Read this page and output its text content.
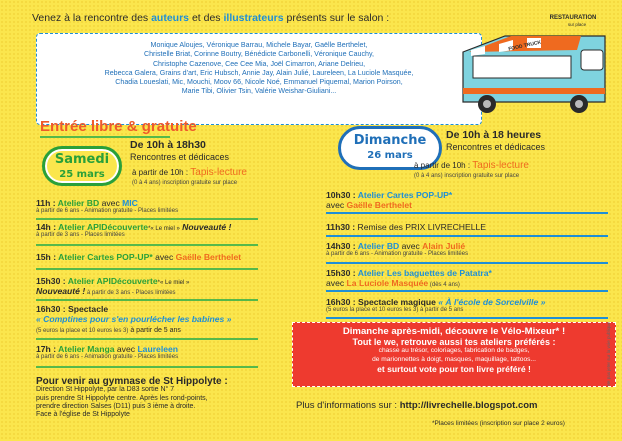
Venez à la rencontre des auteurs et des illustrateurs présents sur le salon :
Monique Aloujes, Véronique Barrau, Michele Bayar, Gaëlle Berthelet,
Christelle Briat, Corinne Boutry, Bénédicte Carbonelli, Véronique Cauchy,
Christophe Cazenove, Cee Cee Mia, Joël Cimarron, Ariane Delrieu,
Rebecca Galera, Grains d'art, Eric Hubsch, Annie Jay, Alain Julié, Laureleen, La Luciole Masquée,
Chadia Loueslati, Mic, Mouchi, Moov 66, Nicole Noé, Emmanuel Piquemal, Marion Poirson,
Marie Tibi, Olivier Tsin, Valérie Weishar-Giuliani...
RESTAURATION
sur place
FOOD TRUCK
Entrée libre & gratuite
Samedi
25 mars
De 10h à 18h30
Rencontres et dédicaces
à partir de 10h : Tapis-lecture
(0 à 4 ans) inscription gratuite sur place
11h : Atelier BD avec MIC
à partir de 6 ans - Animation gratuite - Places limitées
14h : Atelier APIDécouverte*« Le miel » Nouveauté !
à partir de 3 ans - Places limitées
15h : Atelier Cartes POP-UP* avec Gaëlle Berthelet
15h30 : Atelier APIDécouverte*« Le miel »
Nouveauté ! à partir de 3 ans - Places limitées
16h30 : Spectacle
« Comptines pour s'en pourlécher les babines »
(5 euros la place et 10 euros les 3) à partir de 5 ans
17h : Atelier Manga avec Laureleen
à partir de 6 ans - Animation gratuite - Places limitées
Pour venir au gymnase de St Hippolyte :
Direction St Hippolyte, par la D83 sortie N° 7
puis prendre St Hippolyte centre. Après les rond-points,
prendre direction Salses (D11) puis 3 ième à droite.
Face à l'église de St Hippolyte
Dimanche
26 mars
De 10h à 18 heures
Rencontres et dédicaces
à partir de 10h : Tapis-lecture
(0 à 4 ans) inscription gratuite sur place
10h30 : Atelier Cartes POP-UP*
avec Gaëlle Berthelet
11h30 : Remise des PRIX LIVRECHELLE
14h30 : Atelier BD avec Alain Julié
à partir de 6 ans - Animation gratuite - Places limitées
15h30 : Atelier Les baguettes de Patatra*
avec La Luciole Masquée (dès 4 ans)
16h30 : Spectacle magique « À l'école de Sorcelville »
(5 euros la place et 10 euros les 3) à partir de 5 ans
Dimanche après-midi, découvre le Vélo-Mixeur* !
Tout le we, retrouve aussi tes ateliers préférés :
chasse au trésor, coloriages, fabrication de badges,
de marionnettes à doigt, masques, maquillage, tattoos...
et surtout vote pour ton livre préféré !
Plus d'informations sur : http://livrechelle.blogspot.com
*Places limitées (inscription sur place 2 euros)
Ne pas jeter sur la voie publique
